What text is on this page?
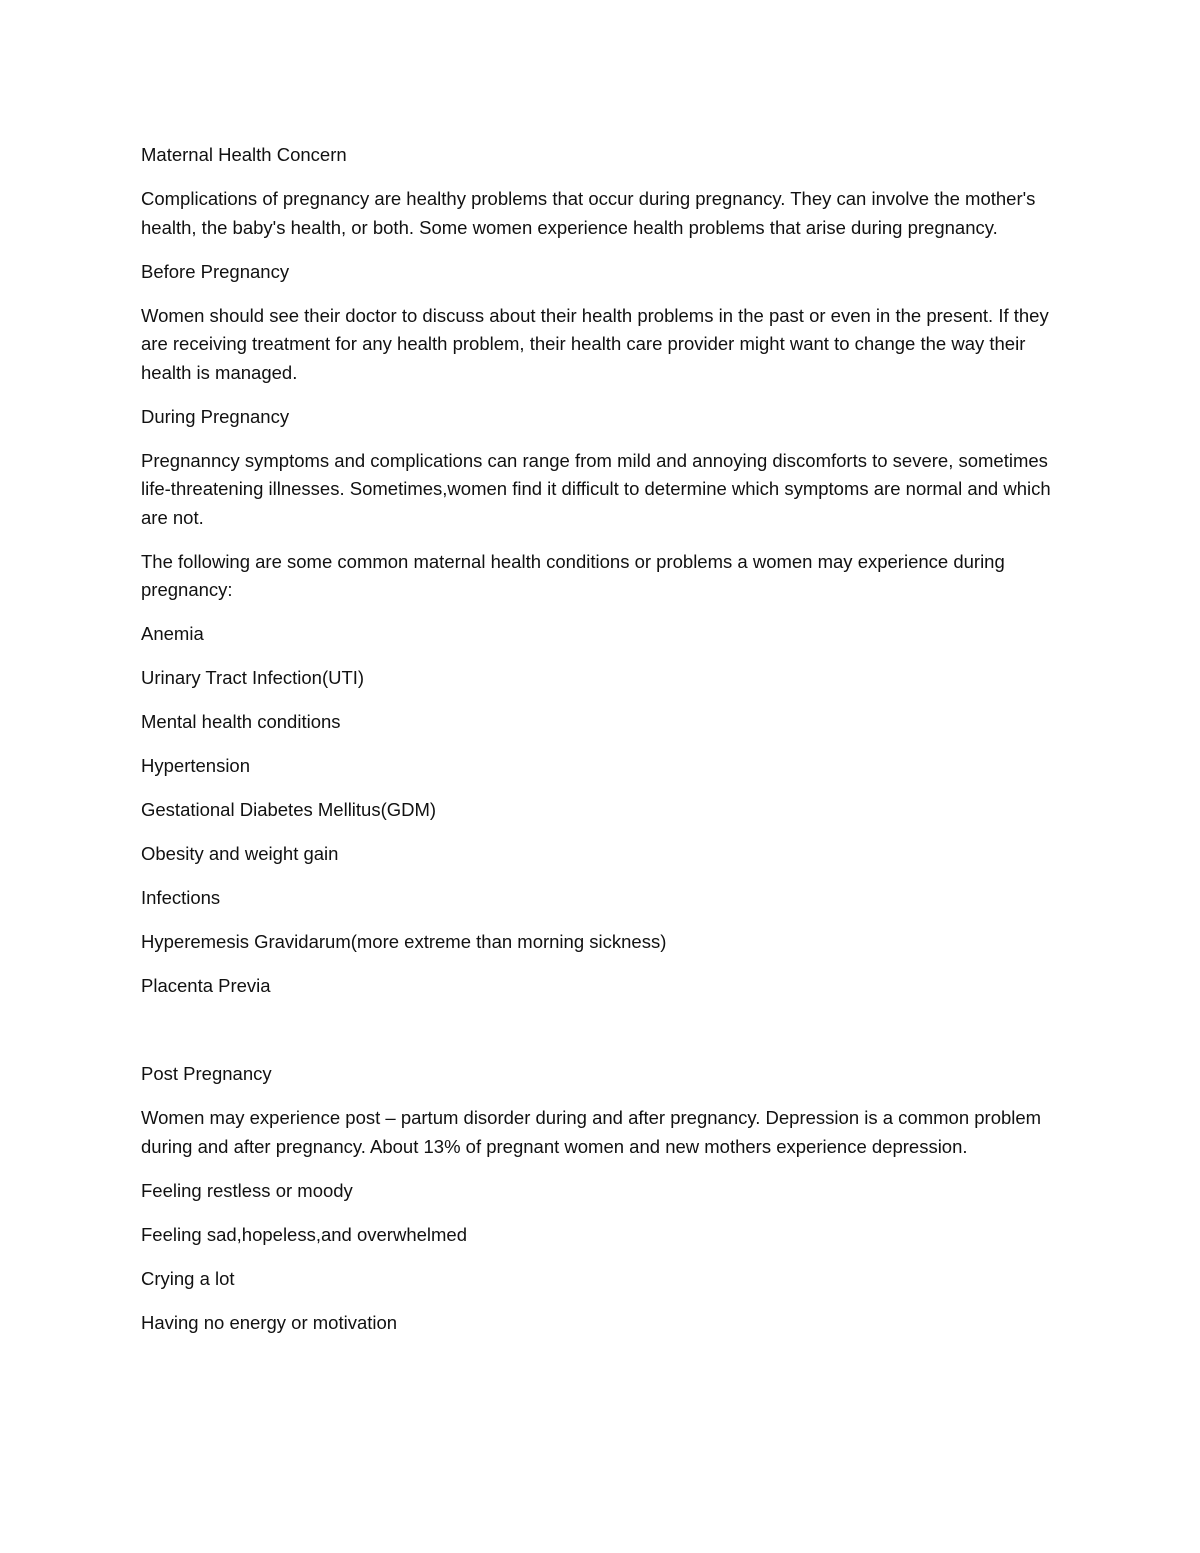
Maternal Health Concern

Complications of pregnancy are healthy problems that occur during pregnancy. They can involve the mother's health, the baby's health, or both. Some women experience health problems that arise during pregnancy.

Before Pregnancy

Women should see their doctor to discuss about their health problems in the past or even in the present. If they are receiving treatment for any health problem, their health care provider might want to change the way their health is managed.

During Pregnancy

Pregnanncy symptoms and complications can range from mild and annoying discomforts to severe, sometimes life-threatening illnesses. Sometimes,women find it difficult to determine which symptoms are normal and which are not.

The following are some common maternal health conditions or problems a women may experience during pregnancy:

Anemia

Urinary Tract Infection(UTI)

Mental health conditions

Hypertension

Gestational Diabetes Mellitus(GDM)

Obesity and weight gain

Infections

Hyperemesis Gravidarum(more extreme than morning sickness)

Placenta Previa

Post Pregnancy

Women may experience post – partum disorder during and after pregnancy. Depression is a common problem during and after pregnancy. About 13% of pregnant women and new mothers experience depression.

Feeling restless or moody

Feeling sad,hopeless,and overwhelmed

Crying a lot

Having no energy or motivation
